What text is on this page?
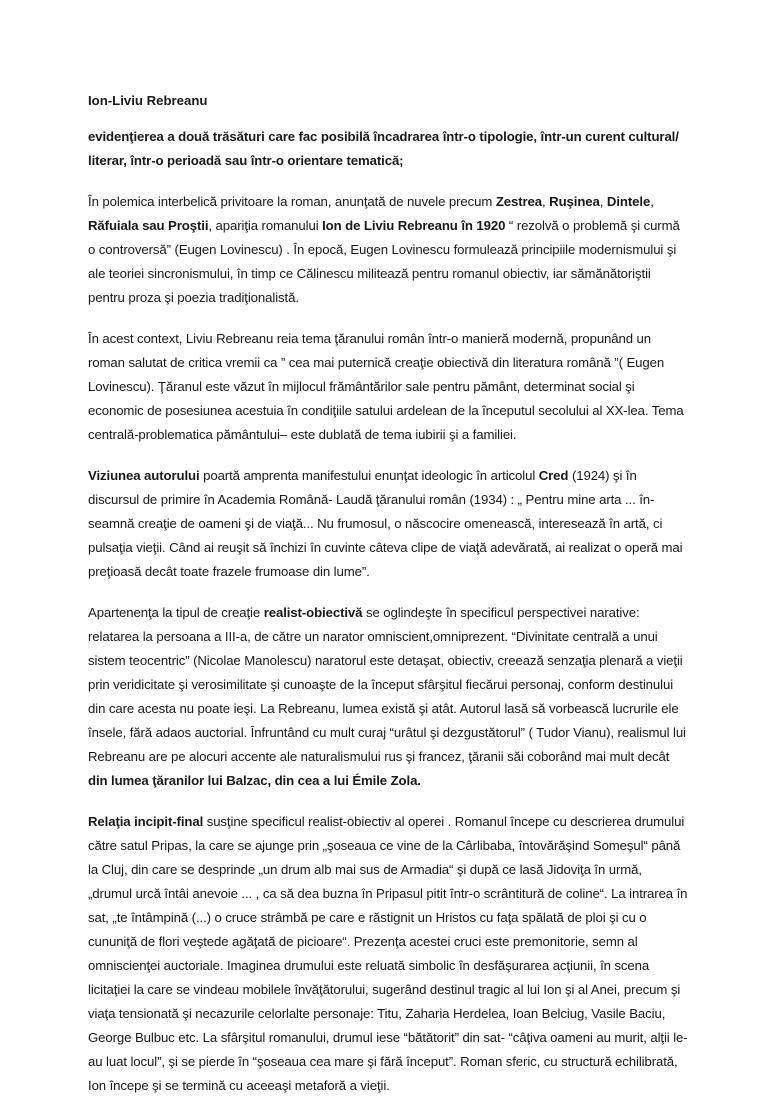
Ion-Liviu Rebreanu

evidenţierea a două trăsături care fac posibilă încadrarea într-o tipologie, într-un curent cultural/ literar, într-o perioadă sau într-o orientare tematică;

În polemica interbelică privitoare la roman, anunţată de nuvele precum Zestrea, Ruşinea, Dintele, Răfuiala sau Proştii, apariţia romanului Ion de Liviu Rebreanu în 1920 “ rezolvă o problemă şi curmă o controversă” (Eugen Lovinescu) . În epocă, Eugen Lovinescu formulează principiile modernismului şi ale teoriei sincronismului, în timp ce Călinescu militează pentru romanul obiectiv, iar sămănătoriştii pentru proza şi poezia tradiţionalistă.

În acest context, Liviu Rebreanu reia tema ţăranului român într-o manieră modernă, propunând un roman salutat de critica vremii ca ” cea mai puternică creaţie obiectivă din literatura română ”( Eugen Lovinescu). Ţăranul este văzut în mijlocul frământărilor sale pentru pământ, determinat social şi economic de posesiunea acestuia în condiţiile satului ardelean de la începutul secolului al XX-lea. Tema centrală-problematica pământului– este dublată de tema iubirii şi a familiei.

Viziunea autorului poartă amprenta manifestului enunţat ideologic în articolul Cred (1924) şi în discursul de primire în Academia Română- Laudă ţăranului român (1934) : „ Pentru mine arta ... în-seamnă creaţie de oameni şi de viaţă... Nu frumosul, o născocire omenească, interesează în artă, ci pulsaţia vieţii. Când ai reuşit să închizi în cuvinte câteva clipe de viaţă adevărată, ai realizat o operă mai preţioasă decât toate frazele frumoase din lume”.

Apartenenţa la tipul de creaţie realist-obiectivă se oglindeşte în specificul perspectivei narative: relatarea la persoana a III-a, de către un narator omniscient,omniprezent. “Divinitate centrală a unui sistem teocentric” (Nicolae Manolescu) naratorul este detaşat, obiectiv, creează senzaţia plenară a vieţii prin veridicitate şi verosimilitate şi cunoaşte de la început sfârşitul fiecărui personaj, conform destinului din care acesta nu poate ieşi. La Rebreanu, lumea există şi atât. Autorul lasă să vorbească lucrurile ele însele, fără adaos auctorial. Înfruntând cu mult curaj “urâtul şi dezgustătorul” ( Tudor Vianu), realismul lui Rebreanu are pe alocuri accente ale naturalismului rus şi francez, ţăranii săi coborând mai mult decât din lumea ţăranilor lui Balzac, din cea a lui Émile Zola.

Relaţia incipit-final susţine specificul realist-obiectiv al operei . Romanul începe cu descrierea drumului către satul Pripas, la care se ajunge prin „şoseaua ce vine de la Cârlibaba, întovărăşind Someşul“ până la Cluj, din care se desprinde „un drum alb mai sus de Armadia“ şi după ce lasă Jidoviţa în urmă, „drumul urcă întâi anevoie ... , ca să dea buzna în Pripasul pitit într-o scrântitură de coline“. La intrarea în sat, „te întâmpină (...) o cruce strâmbă pe care e răstignit un Hristos cu faţa spălată de ploi şi cu o cununiţă de flori veştede agăţată de picioare“. Prezenţa acestei cruci este premonitorie, semn al omniscienţei auctoriale. Imaginea drumului este reluată simbolic în desfăşurarea acţiunii, în scena licitaţiei la care se vindeau mobilele învăţătorului, sugerând destinul tragic al lui Ion şi al Anei, precum şi viaţa tensionată şi necazurile celorlalte personaje: Titu, Zaharia Herdelea, Ioan Belciug, Vasile Baciu, George Bulbuc etc. La sfârşitul romanului, drumul iese “bătătorit” din sat- “câţiva oameni au murit, alţii le-au luat locul”, şi se pierde în “şoseaua cea mare şi fără început”. Roman sferic, cu structură echilibrată, Ion începe şi se termină cu aceeaşi metaforă a vieţii.
